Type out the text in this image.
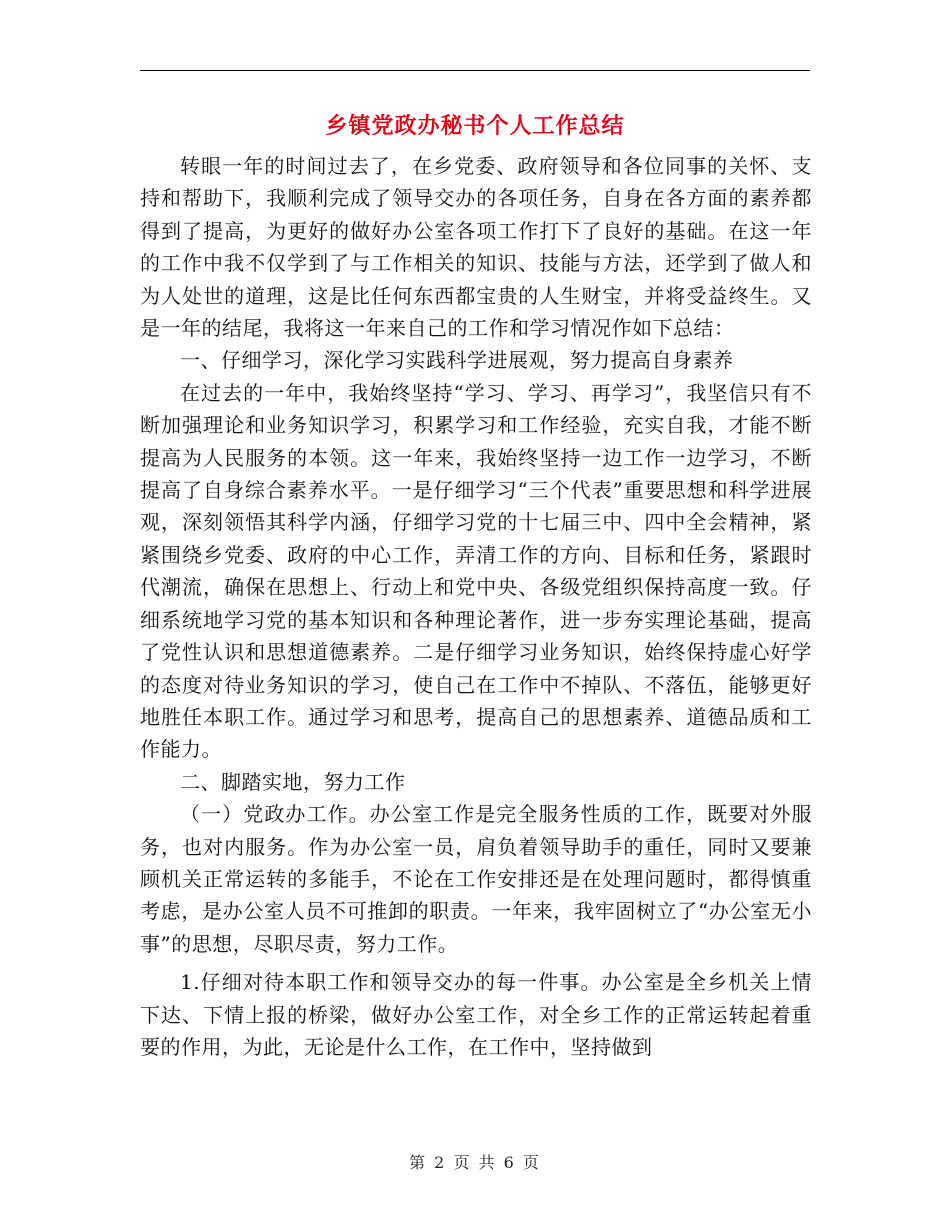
乡镇党政办秘书个人工作总结

转眼一年的时间过去了，在乡党委、政府领导和各位同事的关怀、支持和帮助下，我顺利完成了领导交办的各项任务，自身在各方面的素养都得到了提高，为更好的做好办公室各项工作打下了良好的基础。在这一年的工作中我不仅学到了与工作相关的知识、技能与方法，还学到了做人和为人处世的道理，这是比任何东西都宝贵的人生财宝，并将受益终生。又是一年的结尾，我将这一年来自己的工作和学习情况作如下总结：

一、仔细学习，深化学习实践科学进展观，努力提高自身素养

在过去的一年中，我始终坚持“学习、学习、再学习”，我坚信只有不断加强理论和业务知识学习，积累学习和工作经验，充实自我，才能不断提高为人民服务的本领。这一年来，我始终坚持一边工作一边学习，不断提高了自身综合素养水平。一是仔细学习“三个代表”重要思想和科学进展观，深刻领悟其科学内涵，仔细学习党的十七届三中、四中全会精神，紧紧围绕乡党委、政府的中心工作，弄清工作的方向、目标和任务，紧跟时代潮流，确保在思想上、行动上和党中央、各级党组织保持高度一致。仔细系统地学习党的基本知识和各种理论著作，进一步夯实理论基础，提高了党性认识和思想道德素养。二是仔细学习业务知识，始终保持虚心好学的态度对待业务知识的学习，使自己在工作中不掉队、不落伍，能够更好地胜任本职工作。通过学习和思考，提高自己的思想素养、道德品质和工作能力。

二、脚踏实地，努力工作

（一）党政办工作。办公室工作是完全服务性质的工作，既要对外服务，也对内服务。作为办公室一员，肩负着领导助手的重任，同时又要兼顾机关正常运转的多能手，不论在工作安排还是在处理问题时，都得慎重考虑，是办公室人员不可推卸的职责。一年来，我牢固树立了“办公室无小事”的思想，尽职尽责，努力工作。

1.仔细对待本职工作和领导交办的每一件事。办公室是全乡机关上情下达、下情上报的桥梁，做好办公室工作，对全乡工作的正常运转起着重要的作用，为此，无论是什么工作，在工作中，坚持做到

第 2 页 共 6 页
